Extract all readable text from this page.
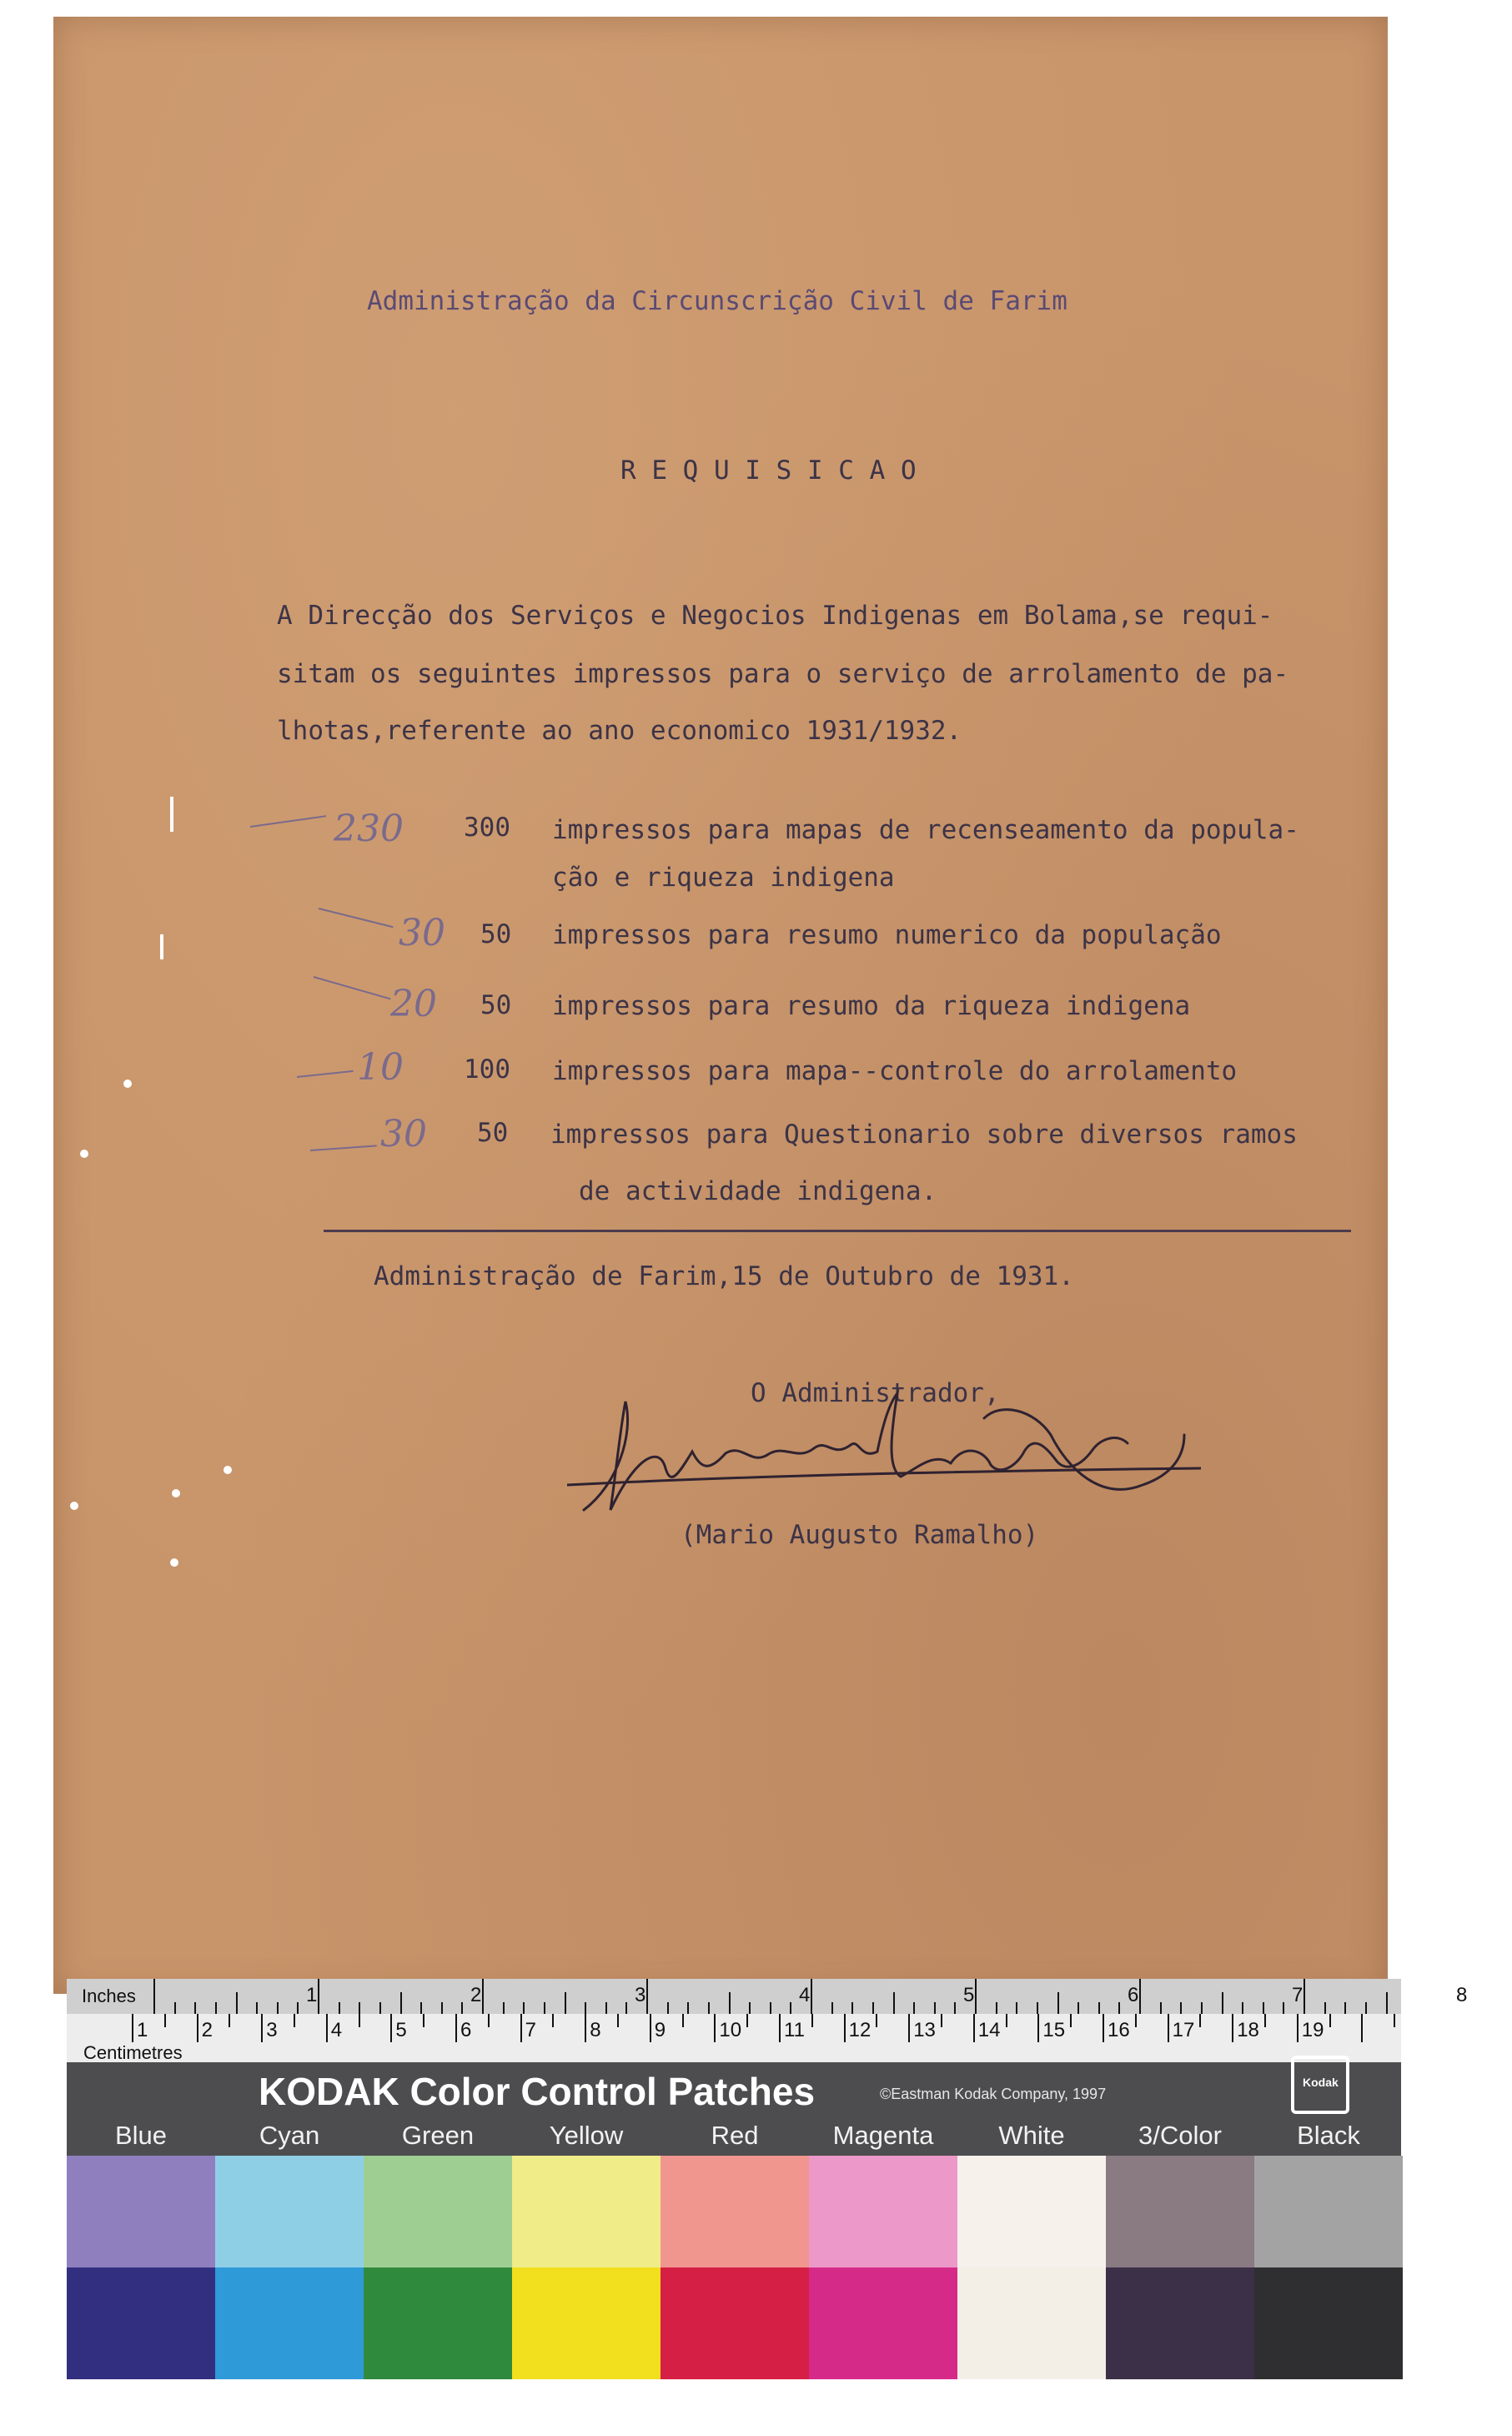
Administração da Circunscrição Civil de Farim
R E Q U I S I C A O
A Direcção dos Serviços e Negocios Indigenas em Bolama,se requi-
sitam os seguintes impressos para o serviço de arrolamento de pa-
lhotas,referente ao ano economico 1931/1932.
230 300 impressos para mapas de recenseamento da popula-
ção e riqueza indigena
30 50 impressos para resumo numerico da população
20 50 impressos para resumo da riqueza indigena
10 100 impressos para mapa--controle do arrolamento
30 50 impressos para Questionario sobre diversos ramos
de actividade indigena.
Administração de Farim,15 de Outubro de 1931.
O Administrador,
(Mario Augusto Ramalho)
Inches	1	2	3	4	5	6	7	8
1	2	3	4	5	6	7	8	9	10 11 12 13 14 15 16 17 18 19
Centimetres
KODAK Color Control Patches	©Eastman Kodak Company, 1997
Kodak
Blue	Cyan	Green	Yellow	Red	Magenta	White	3/Color	Black
